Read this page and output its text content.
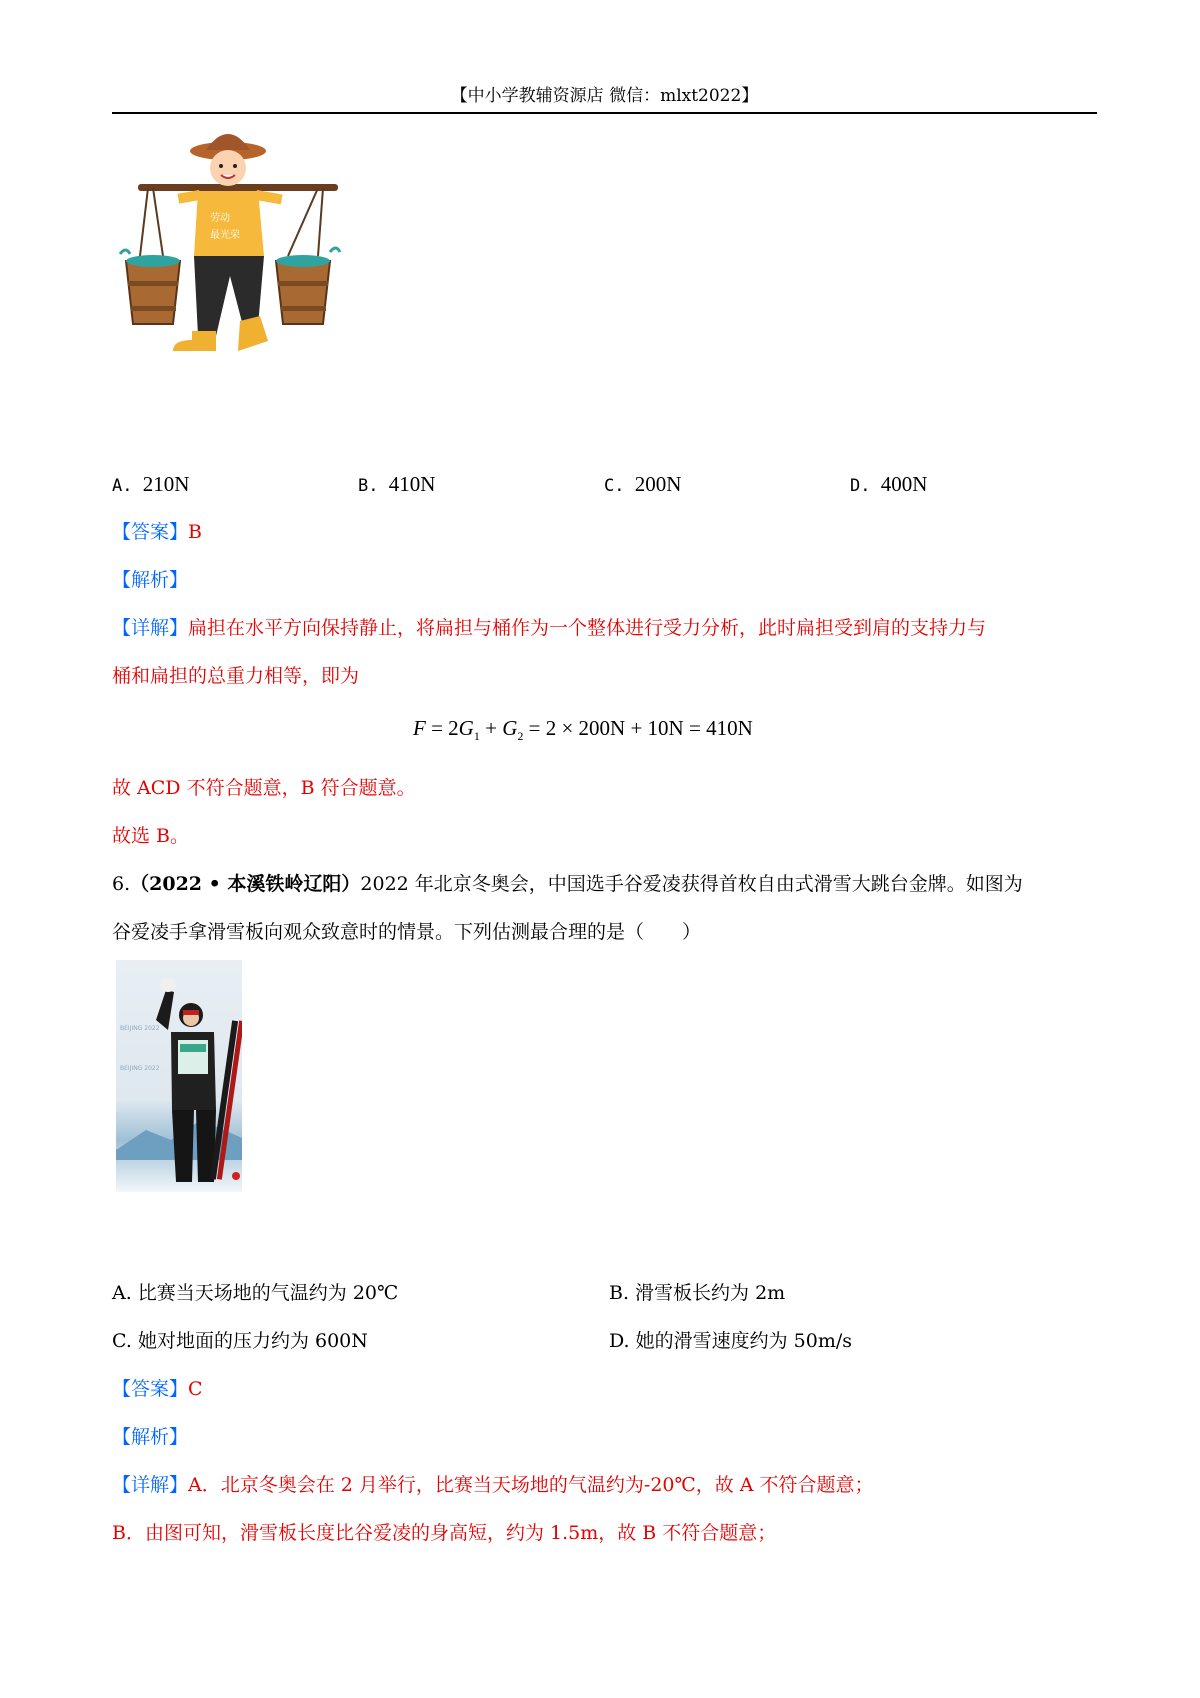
【中小学教辅资源店 微信：mlxt2022】
劳动
最光荣
A. 210N	B. 410N	C. 200N	D. 400N
【答案】B
【解析】
【详解】扁担在水平方向保持静止，将扁担与桶作为一个整体进行受力分析，此时扁担受到肩的支持力与
桶和扁担的总重力相等，即为
$F = 2G_1 + G_2 = 2 \times 200N + 10N = 410N$
故 ACD 不符合题意，B 符合题意。
故选 B。
6.（2022 • 本溪铁岭辽阳）2022 年北京冬奥会，中国选手谷爱凌获得首枚自由式滑雪大跳台金牌。如图为
谷爱凌手拿滑雪板向观众致意时的情景。下列估测最合理的是（　　）
BEIJING 2022
BEIJING 2022
A. 比赛当天场地的气温约为 20℃	B. 滑雪板长约为 2m
C. 她对地面的压力约为 600N	D. 她的滑雪速度约为 50m/s
【答案】C
【解析】
【详解】A．北京冬奥会在 2 月举行，比赛当天场地的气温约为-20℃，故 A 不符合题意；
B．由图可知，滑雪板长度比谷爱凌的身高短，约为 1.5m，故 B 不符合题意；
